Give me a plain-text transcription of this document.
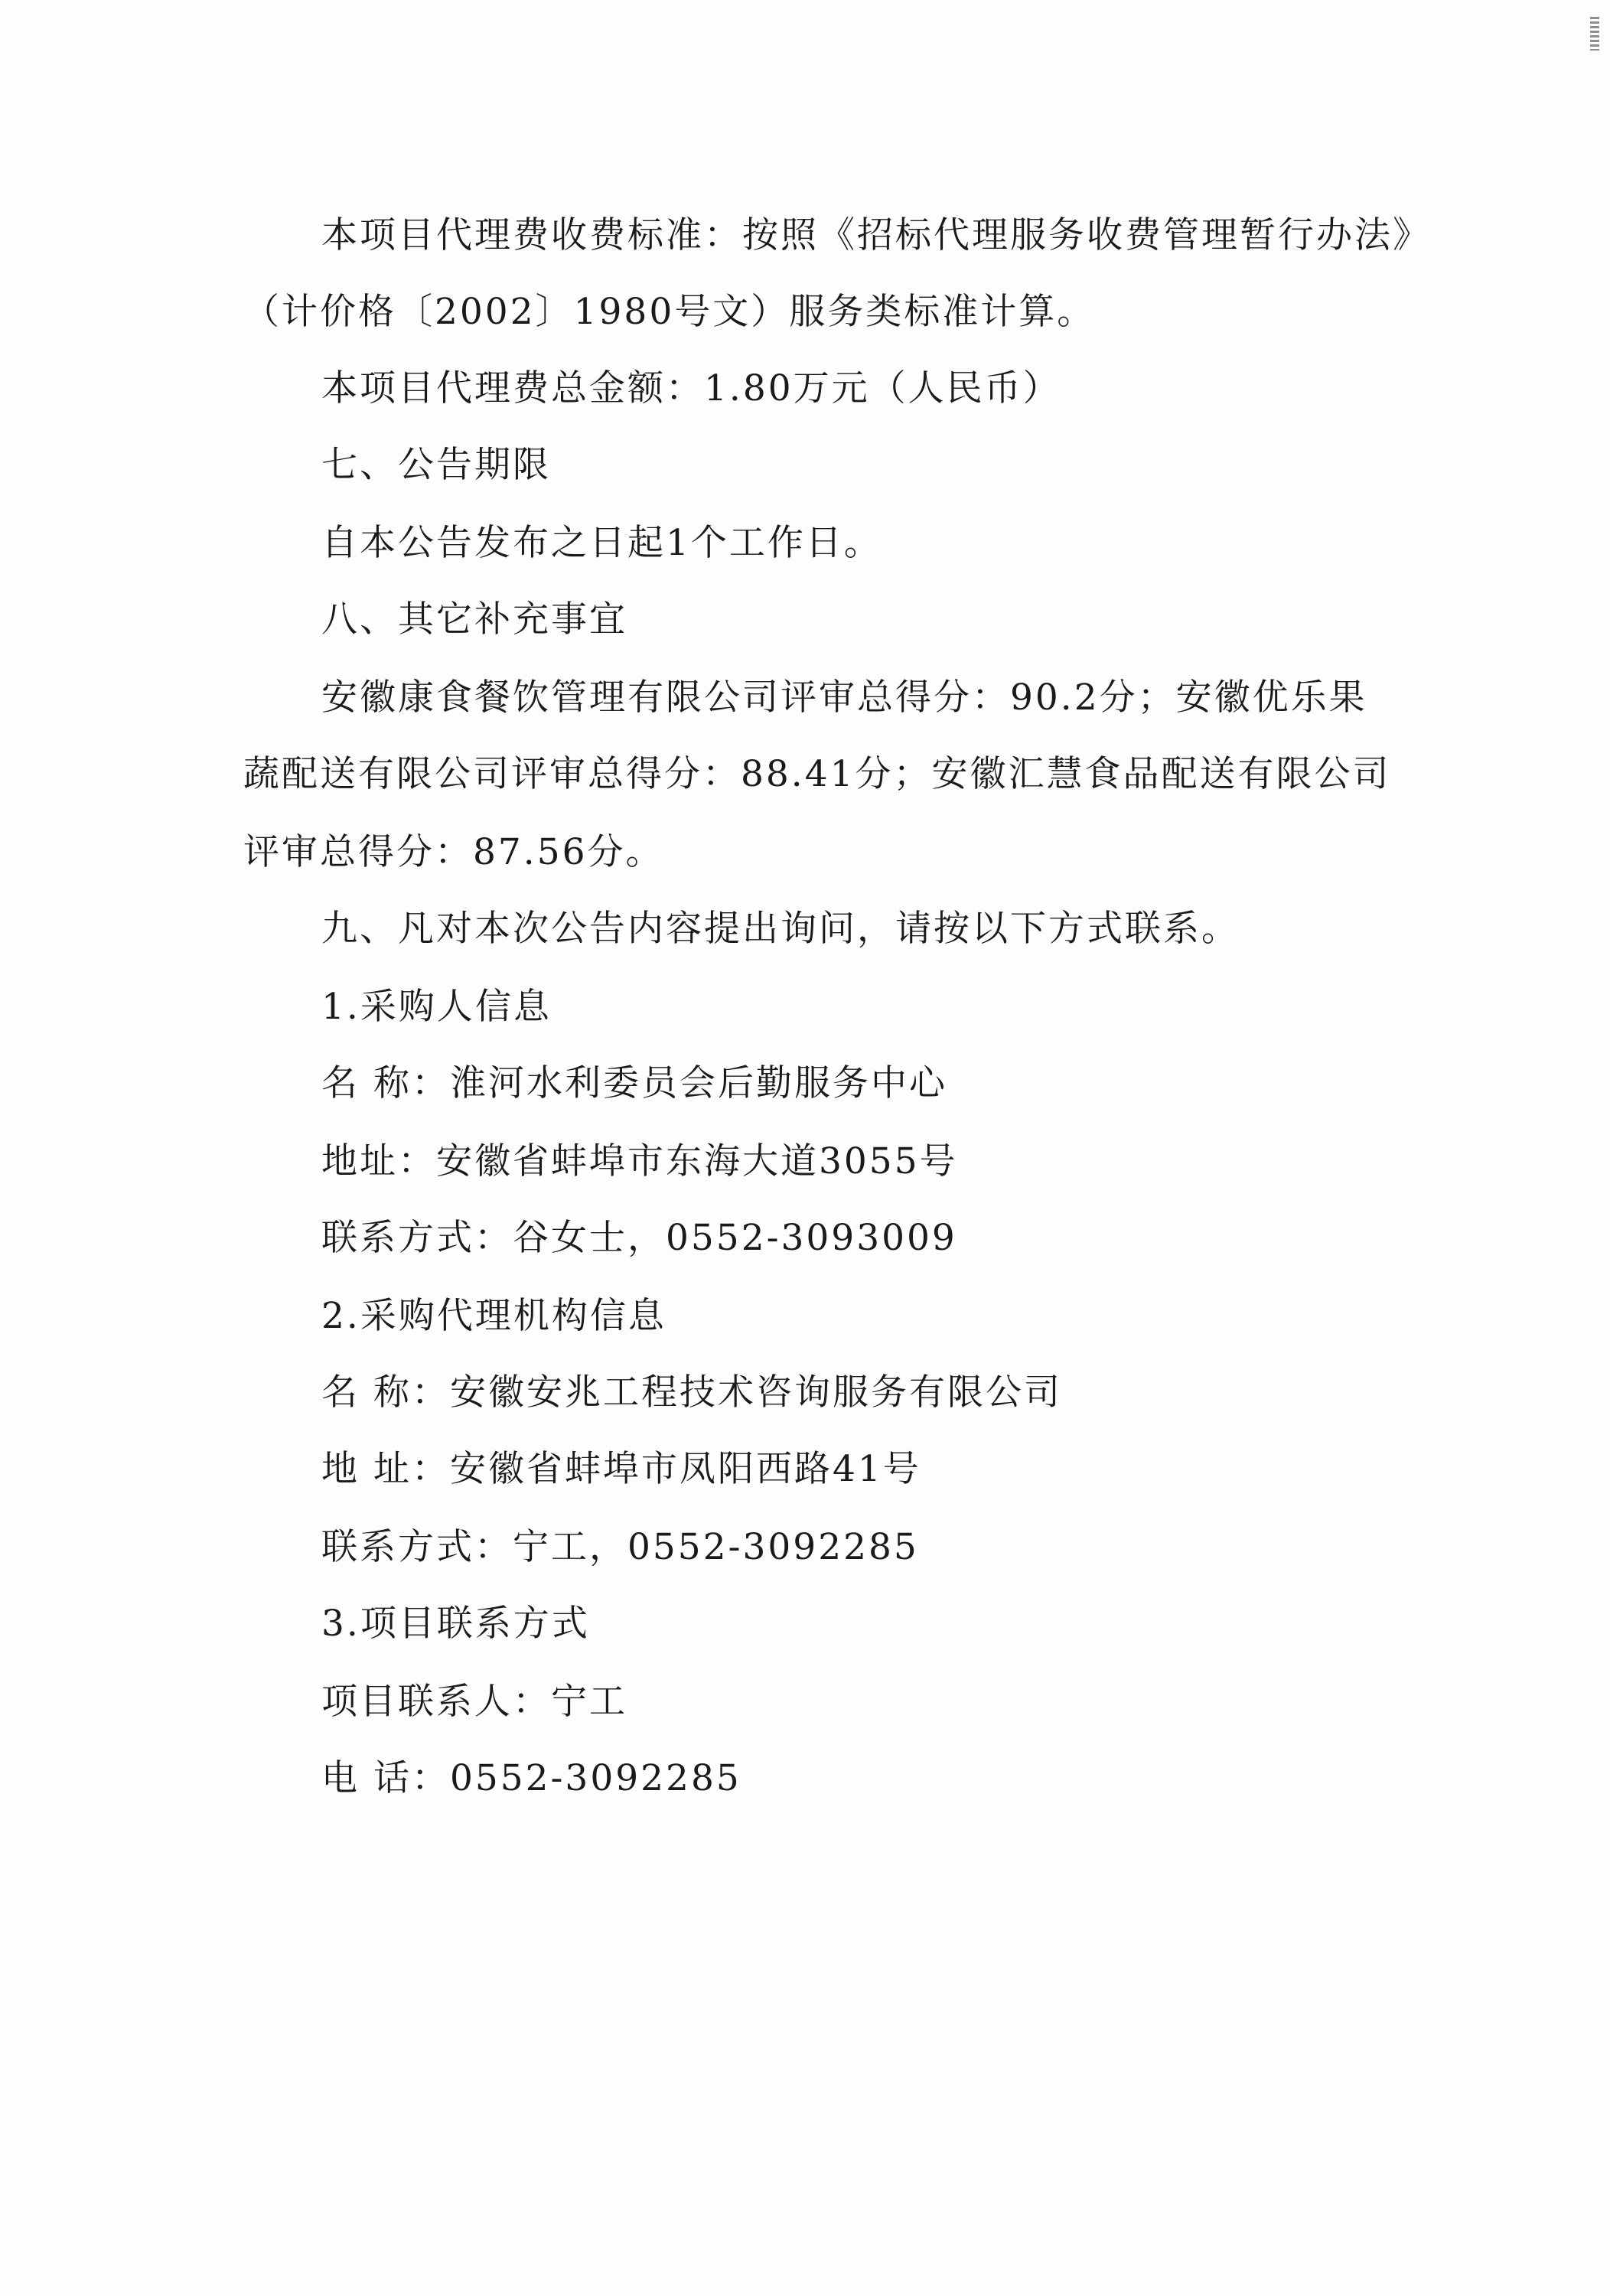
本项目代理费收费标准：按照《招标代理服务收费管理暂行办法》
（计价格〔2002〕1980号文）服务类标准计算。
本项目代理费总金额：1.80万元（人民币）
七、公告期限
自本公告发布之日起1个工作日。
八、其它补充事宜
安徽康食餐饮管理有限公司评审总得分：90.2分；安徽优乐果
蔬配送有限公司评审总得分：88.41分；安徽汇慧食品配送有限公司
评审总得分：87.56分。
九、凡对本次公告内容提出询问，请按以下方式联系。
1.采购人信息
名 称：淮河水利委员会后勤服务中心
地址：安徽省蚌埠市东海大道3055号
联系方式：谷女士，0552-3093009
2.采购代理机构信息
名 称：安徽安兆工程技术咨询服务有限公司
地 址：安徽省蚌埠市凤阳西路41号
联系方式：宁工，0552-3092285
3.项目联系方式
项目联系人：宁工
电 话：0552-3092285
